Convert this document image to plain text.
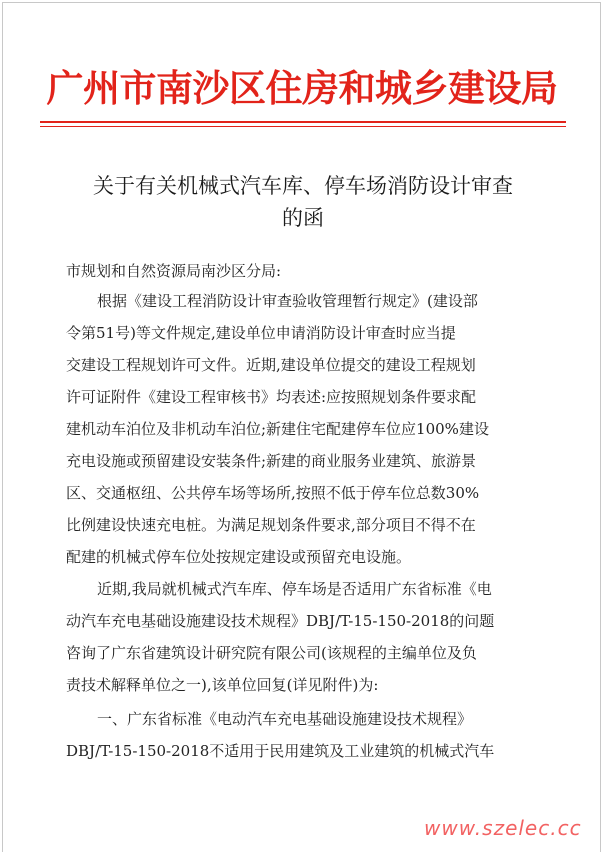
广州市南沙区住房和城乡建设局
关于有关机械式汽车库、停车场消防设计审查
的函
市规划和自然资源局南沙区分局:
根据《建设工程消防设计审查验收管理暂行规定》(建设部
令第51号)等文件规定,建设单位申请消防设计审查时应当提
交建设工程规划许可文件。近期,建设单位提交的建设工程规划
许可证附件《建设工程审核书》均表述:应按照规划条件要求配
建机动车泊位及非机动车泊位;新建住宅配建停车位应100%建设
充电设施或预留建设安装条件;新建的商业服务业建筑、旅游景
区、交通枢纽、公共停车场等场所,按照不低于停车位总数30%
比例建设快速充电桩。为满足规划条件要求,部分项目不得不在
配建的机械式停车位处按规定建设或预留充电设施。
近期,我局就机械式汽车库、停车场是否适用广东省标准《电
动汽车充电基础设施建设技术规程》DBJ/T-15-150-2018的问题
咨询了广东省建筑设计研究院有限公司(该规程的主编单位及负
责技术解释单位之一),该单位回复(详见附件)为:
一、广东省标准《电动汽车充电基础设施建设技术规程》
DBJ/T-15-150-2018不适用于民用建筑及工业建筑的机械式汽车
www.szelec.cc
